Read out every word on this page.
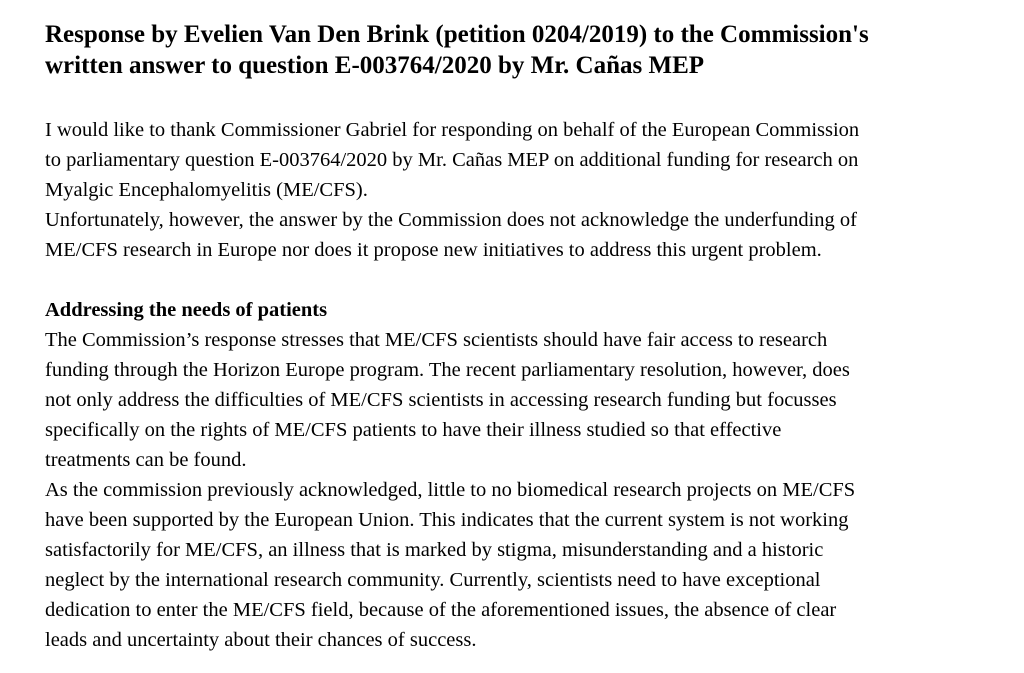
Response by Evelien Van Den Brink (petition 0204/2019) to the Commission's
written answer to question E-003764/2020 by Mr. Cañas MEP

I would like to thank Commissioner Gabriel for responding on behalf of the European Commission
to parliamentary question E-003764/2020 by Mr. Cañas MEP on additional funding for research on
Myalgic Encephalomyelitis (ME/CFS).

Unfortunately, however, the answer by the Commission does not acknowledge the underfunding of
ME/CFS research in Europe nor does it propose new initiatives to address this urgent problem.

Addressing the needs of patients

The Commission’s response stresses that ME/CFS scientists should have fair access to research
funding through the Horizon Europe program. The recent parliamentary resolution, however, does
not only address the difficulties of ME/CFS scientists in accessing research funding but focusses
specifically on the rights of ME/CFS patients to have their illness studied so that effective
treatments can be found.

As the commission previously acknowledged, little to no biomedical research projects on ME/CFS
have been supported by the European Union. This indicates that the current system is not working
satisfactorily for ME/CFS, an illness that is marked by stigma, misunderstanding and a historic
neglect by the international research community. Currently, scientists need to have exceptional
dedication to enter the ME/CFS field, because of the aforementioned issues, the absence of clear
leads and uncertainty about their chances of success.
